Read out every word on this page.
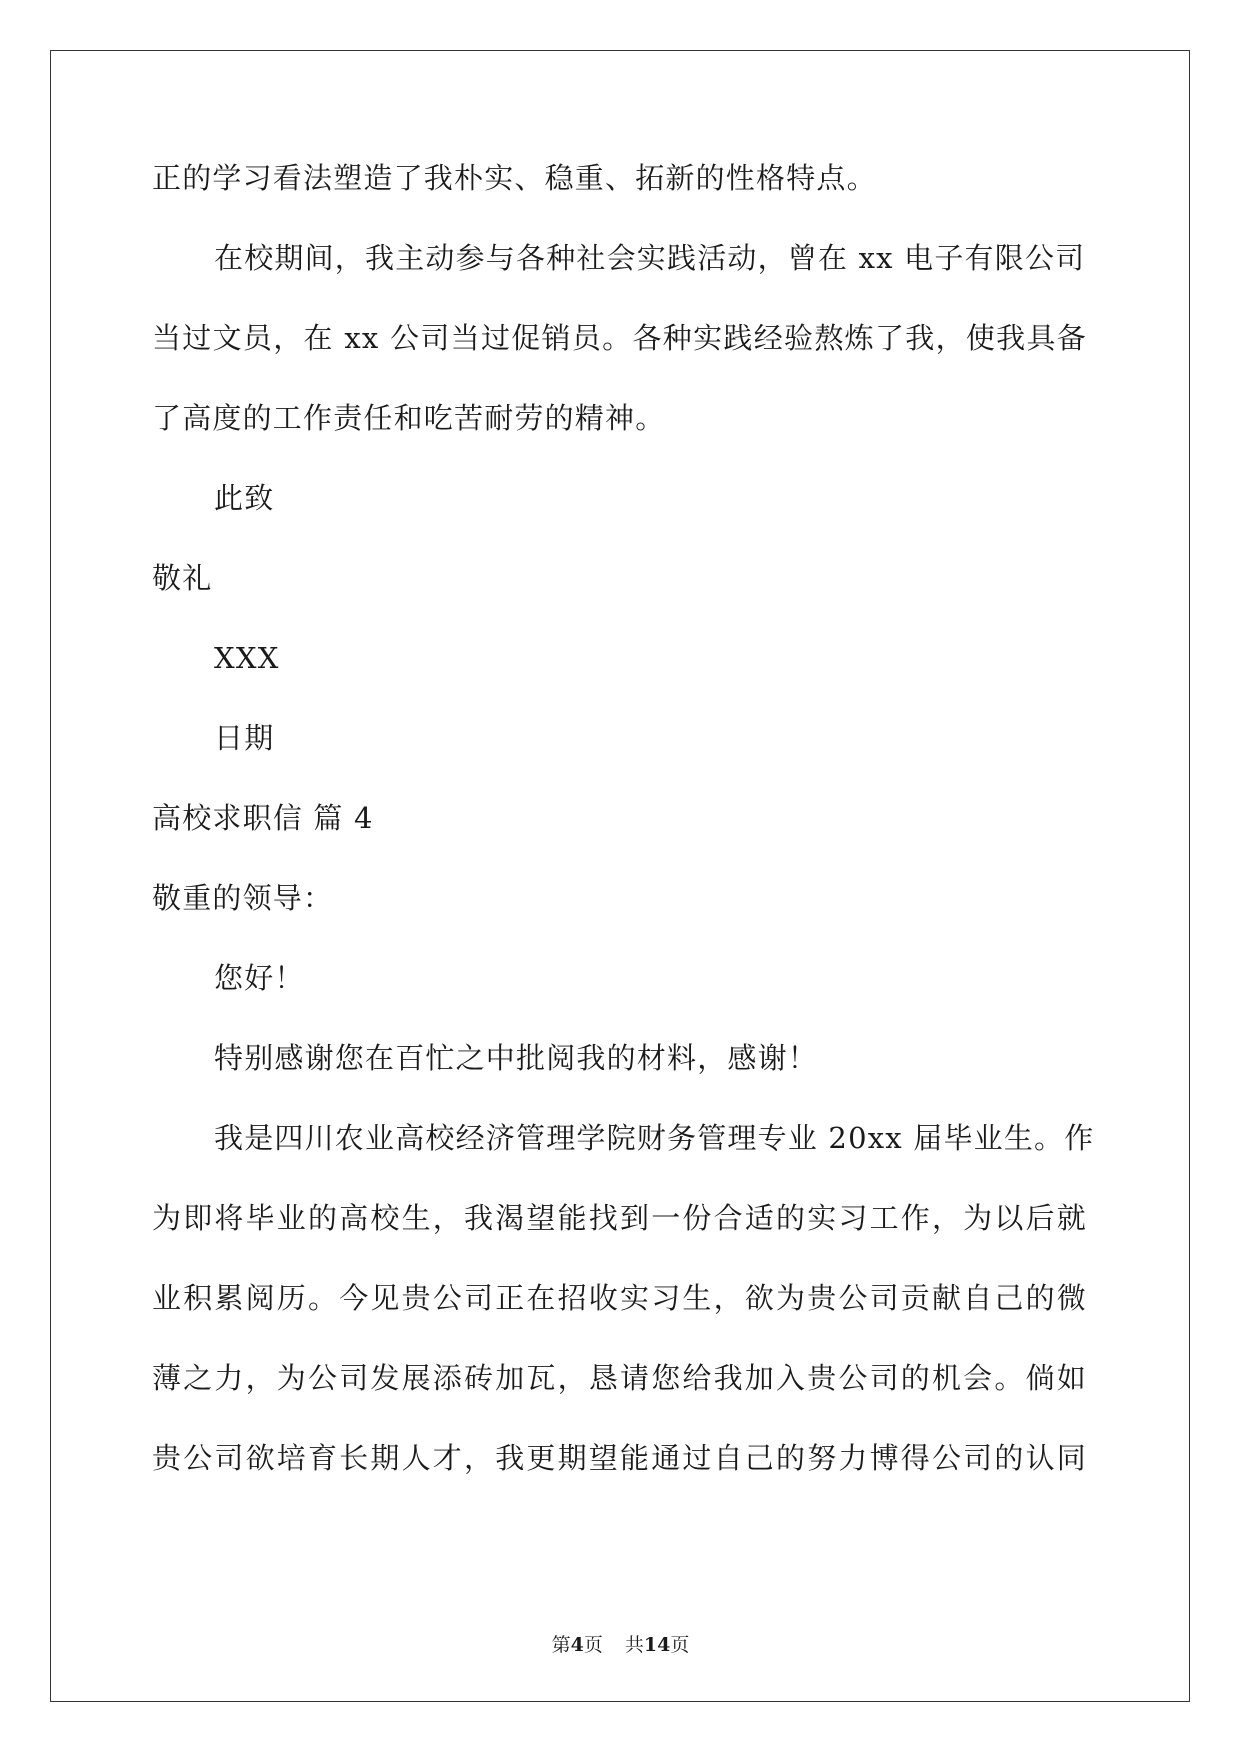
正的学习看法塑造了我朴实、稳重、拓新的性格特点。
在校期间，我主动参与各种社会实践活动，曾在 xx 电子有限公司
当过文员，在 xx 公司当过促销员。各种实践经验熬炼了我，使我具备
了高度的工作责任和吃苦耐劳的精神。
此致
敬礼
XXX
日期
高校求职信 篇 4
敬重的领导：
您好！
特别感谢您在百忙之中批阅我的材料，感谢！
我是四川农业高校经济管理学院财务管理专业 20xx 届毕业生。作
为即将毕业的高校生，我渴望能找到一份合适的实习工作，为以后就
业积累阅历。今见贵公司正在招收实习生，欲为贵公司贡献自己的微
薄之力，为公司发展添砖加瓦，恳请您给我加入贵公司的机会。倘如
贵公司欲培育长期人才，我更期望能通过自己的努力博得公司的认同
第4页 共14页
